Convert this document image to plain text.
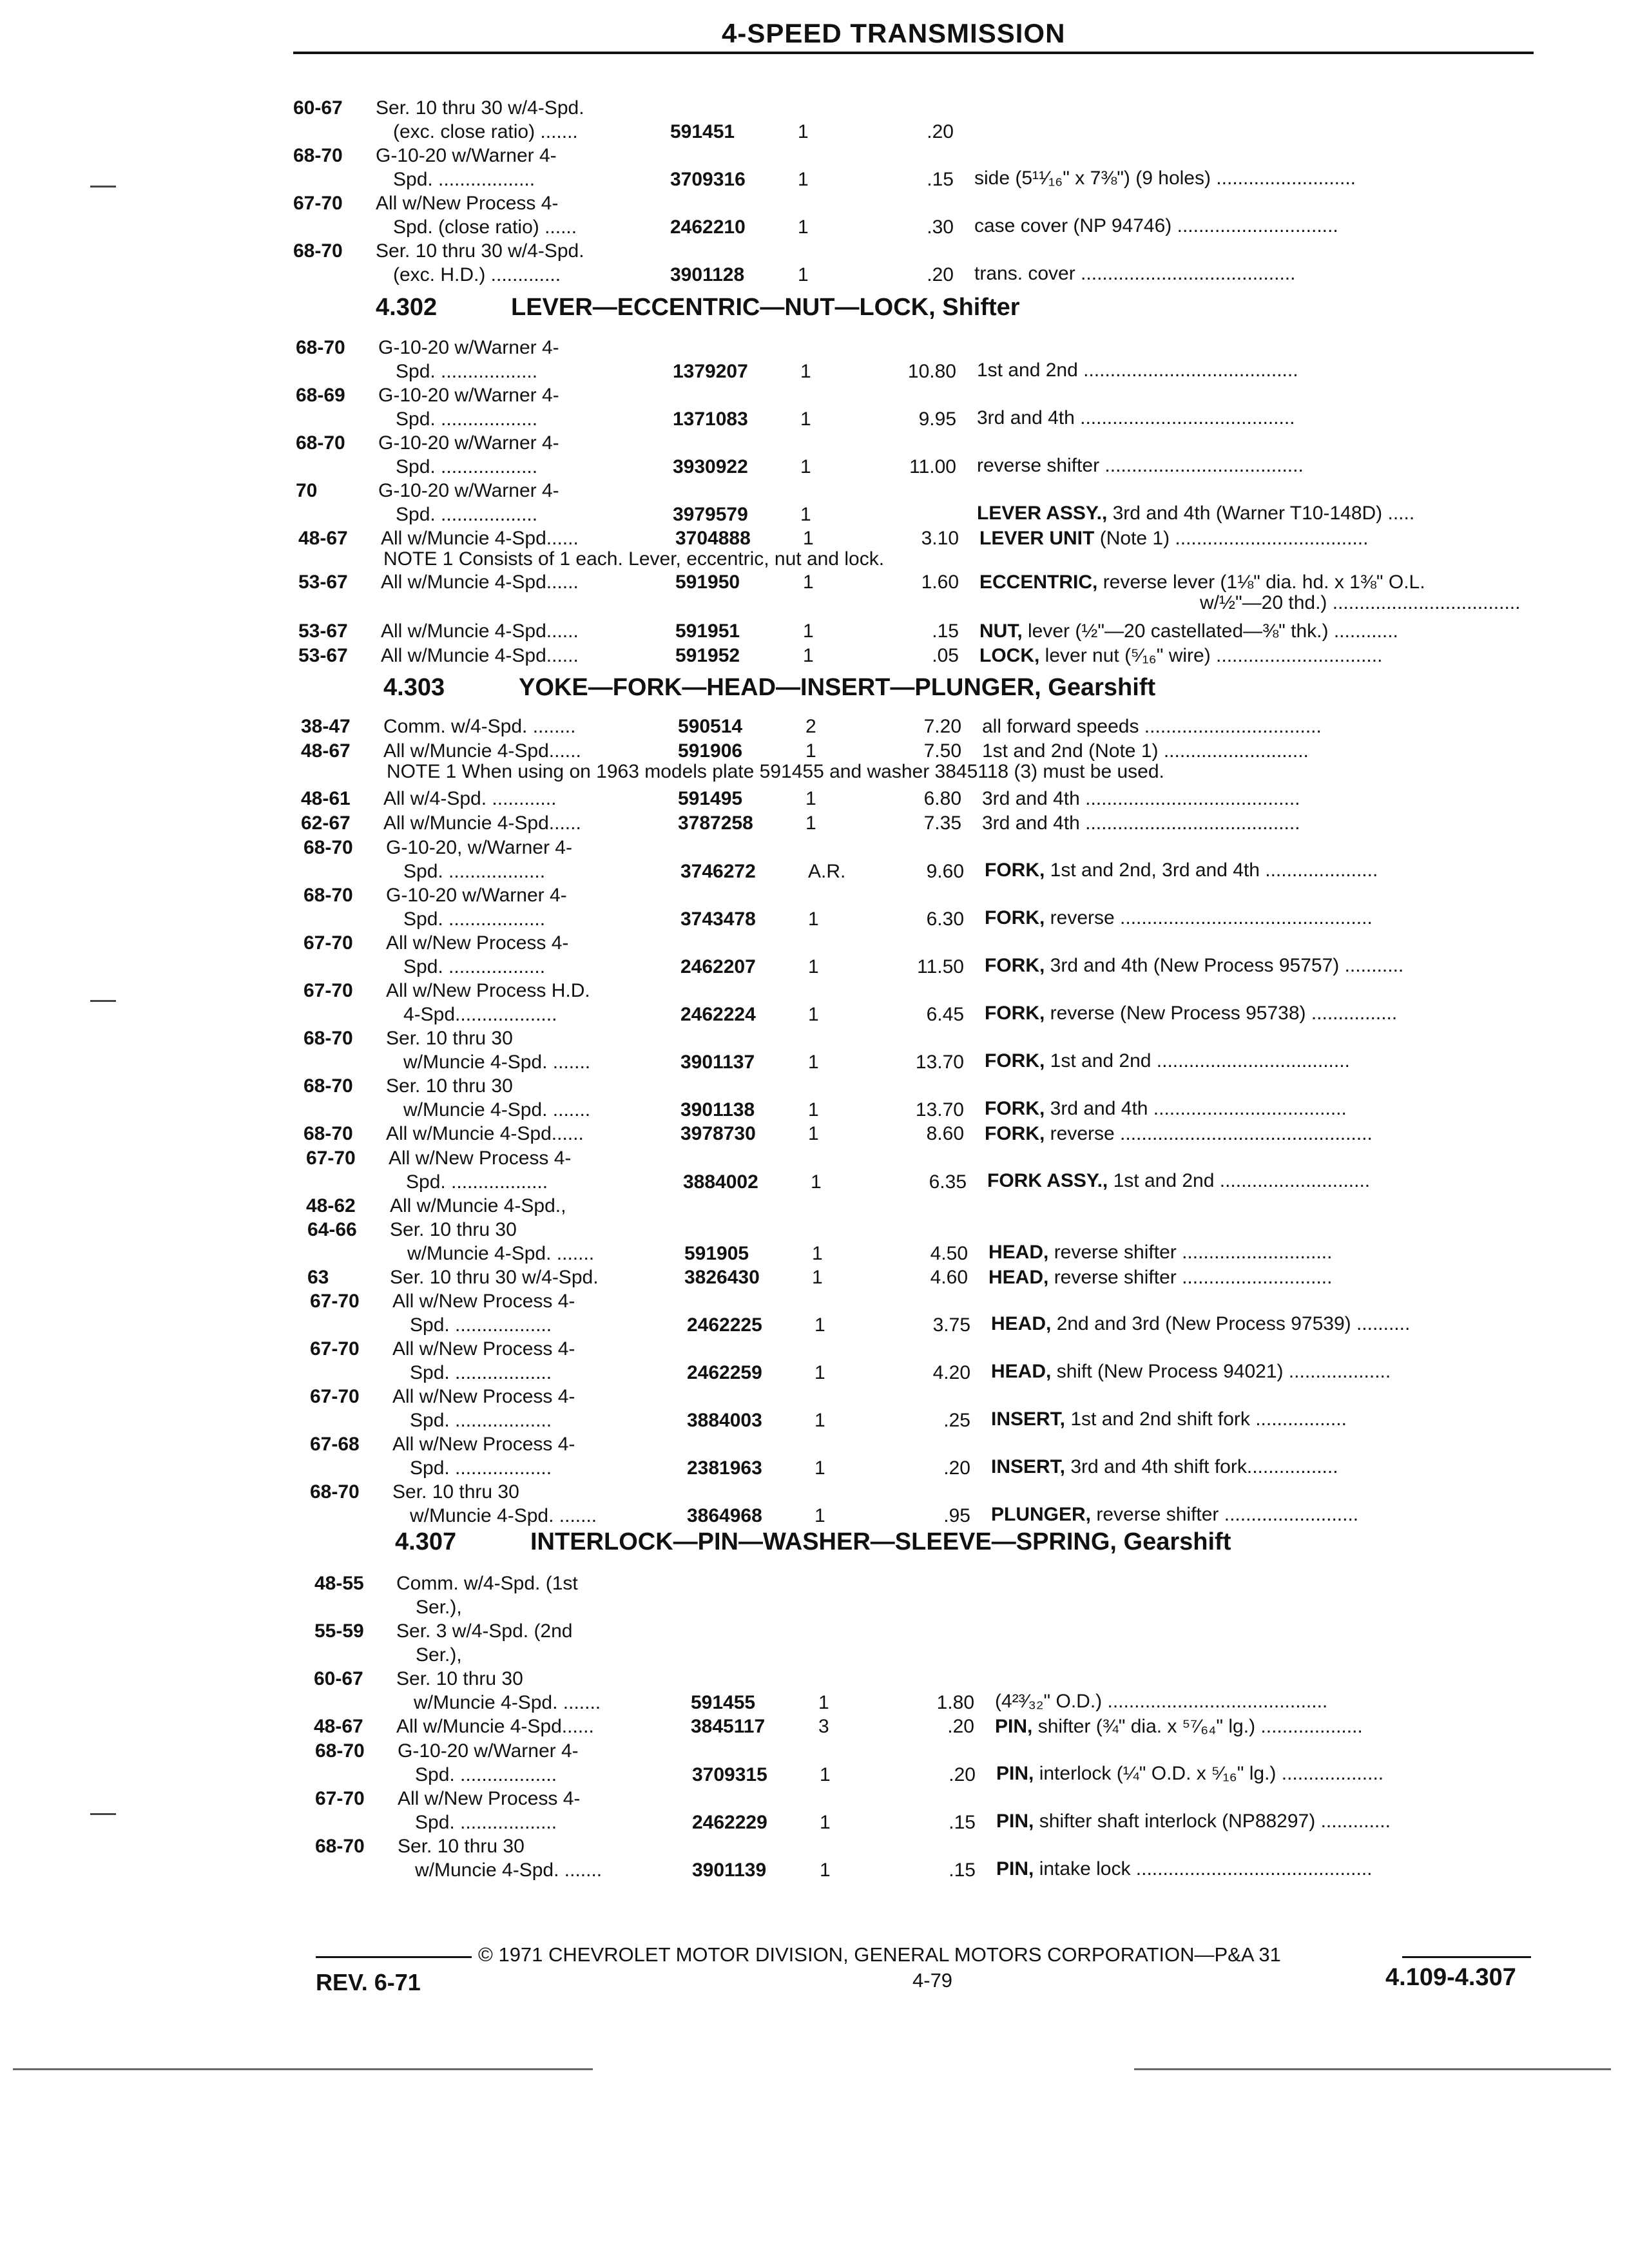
4-SPEED TRANSMISSION
60-67 Ser. 10 thru 30 w/4-Spd.
(exc. close ratio) .......	591451	1	.20
68-70 G-10-20 w/Warner 4-
Spd. ..................	3709316	1	.15 side (5¹¹⁄₁₆" x 7⅜") (9 holes) ..........................
67-70 All w/New Process 4-
Spd. (close ratio) ......	2462210	1	.30 case cover (NP 94746) ..............................
68-70 Ser. 10 thru 30 w/4-Spd.
(exc. H.D.) .............	3901128	1	.20 trans. cover ........................................
4.302	LEVER—ECCENTRIC—NUT—LOCK, Shifter
68-70 G-10-20 w/Warner 4-
Spd. ..................	1379207	1	10.80 1st and 2nd ........................................
68-69 G-10-20 w/Warner 4-
Spd. ..................	1371083	1	9.95 3rd and 4th ........................................
68-70 G-10-20 w/Warner 4-
Spd. ..................	3930922	1	11.00 reverse shifter .....................................
70	G-10-20 w/Warner 4-
Spd. ..................	3979579	1	LEVER ASSY., 3rd and 4th (Warner T10-148D) .....
48-67 All w/Muncie 4-Spd......	3704888	1	3.10 LEVER UNIT (Note 1) ....................................
NOTE 1 Consists of 1 each. Lever, eccentric, nut and lock.
53-67 All w/Muncie 4-Spd......	591950	1	1.60 ECCENTRIC, reverse lever (1⅛" dia. hd. x 1⅜" O.L.
w/½"—20 thd.) ...................................
53-67 All w/Muncie 4-Spd......	591951	1	.15 NUT, lever (½"—20 castellated—⅜" thk.) ............
53-67 All w/Muncie 4-Spd......	591952	1	.05 LOCK, lever nut (⁵⁄₁₆" wire) ...............................
4.303	YOKE—FORK—HEAD—INSERT—PLUNGER, Gearshift
38-47 Comm. w/4-Spd. ........	590514	2	7.20 all forward speeds .................................
48-67 All w/Muncie 4-Spd......	591906	1	7.50 1st and 2nd (Note 1) ...........................
NOTE 1 When using on 1963 models plate 591455 and washer 3845118 (3) must be used.
48-61 All w/4-Spd. ............	591495	1	6.80 3rd and 4th ........................................
62-67 All w/Muncie 4-Spd......	3787258	1	7.35 3rd and 4th ........................................
68-70 G-10-20, w/Warner 4-
Spd. ..................	3746272	A.R.	9.60 FORK, 1st and 2nd, 3rd and 4th .....................
68-70 G-10-20 w/Warner 4-
Spd. ..................	3743478	1	6.30 FORK, reverse ...............................................
67-70 All w/New Process 4-
Spd. ..................	2462207	1	11.50 FORK, 3rd and 4th (New Process 95757) ...........
67-70 All w/New Process H.D.
4-Spd...................	2462224	1	6.45 FORK, reverse (New Process 95738) ................
68-70 Ser. 10 thru 30
w/Muncie 4-Spd. .......	3901137	1	13.70 FORK, 1st and 2nd ....................................
68-70 Ser. 10 thru 30
w/Muncie 4-Spd. .......	3901138	1	13.70 FORK, 3rd and 4th ....................................
68-70 All w/Muncie 4-Spd......	3978730	1	8.60 FORK, reverse ...............................................
67-70 All w/New Process 4-
Spd. ..................	3884002	1	6.35 FORK ASSY., 1st and 2nd ............................
48-62 All w/Muncie 4-Spd.,
64-66 Ser. 10 thru 30
w/Muncie 4-Spd. .......	591905	1	4.50 HEAD, reverse shifter ............................
63	Ser. 10 thru 30 w/4-Spd.	3826430	1	4.60 HEAD, reverse shifter ............................
67-70 All w/New Process 4-
Spd. ..................	2462225	1	3.75 HEAD, 2nd and 3rd (New Process 97539) ..........
67-70 All w/New Process 4-
Spd. ..................	2462259	1	4.20 HEAD, shift (New Process 94021) ...................
67-70 All w/New Process 4-
Spd. ..................	3884003	1	.25 INSERT, 1st and 2nd shift fork .................
67-68 All w/New Process 4-
Spd. ..................	2381963	1	.20 INSERT, 3rd and 4th shift fork.................
68-70 Ser. 10 thru 30
w/Muncie 4-Spd. .......	3864968	1	.95 PLUNGER, reverse shifter .........................
4.307	INTERLOCK—PIN—WASHER—SLEEVE—SPRING, Gearshift
48-55 Comm. w/4-Spd. (1st
Ser.),
55-59 Ser. 3 w/4-Spd. (2nd
Ser.),
60-67 Ser. 10 thru 30
w/Muncie 4-Spd. .......	591455	1	1.80 (4²³⁄₃₂" O.D.) .........................................
48-67 All w/Muncie 4-Spd......	3845117	3	.20 PIN, shifter (¾" dia. x ⁵⁷⁄₆₄" lg.) ...................
68-70 G-10-20 w/Warner 4-
Spd. ..................	3709315	1	.20 PIN, interlock (¼" O.D. x ⁵⁄₁₆" lg.) ...................
67-70 All w/New Process 4-
Spd. ..................	2462229	1	.15 PIN, shifter shaft interlock (NP88297) .............
68-70 Ser. 10 thru 30
w/Muncie 4-Spd. .......	3901139	1	.15 PIN, intake lock ............................................
© 1971 CHEVROLET MOTOR DIVISION, GENERAL MOTORS CORPORATION—P&A 31
REV. 6-71	4-79	4.109-4.307
